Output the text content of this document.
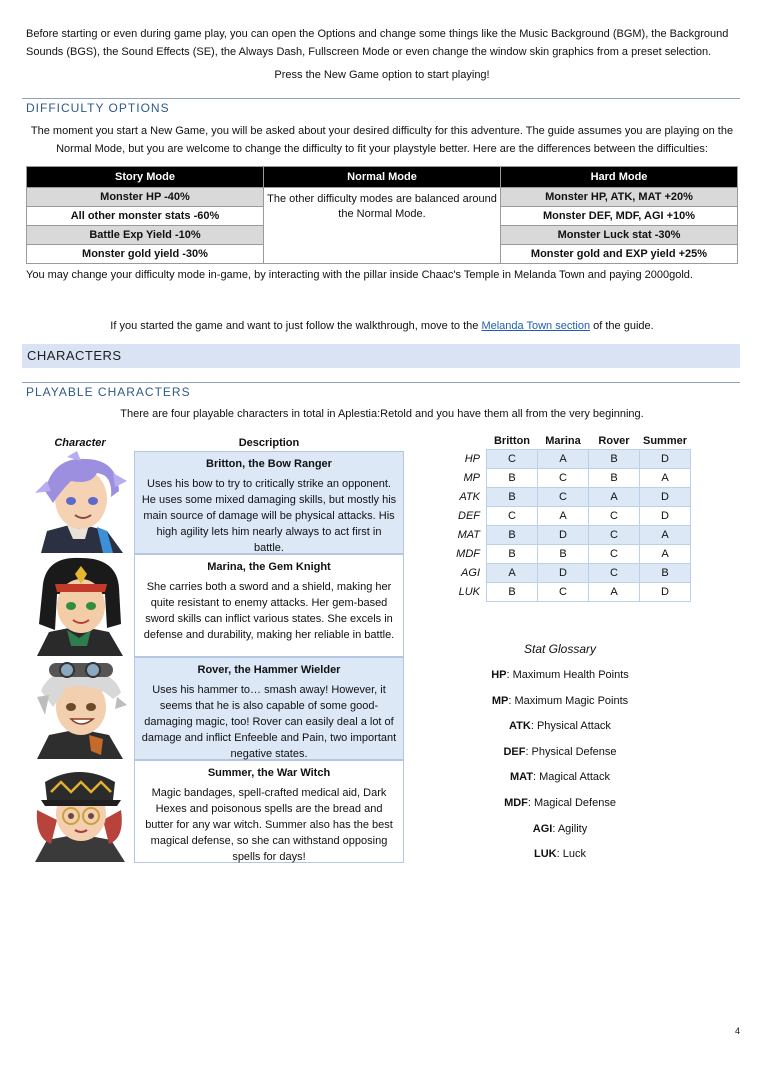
Before starting or even during game play, you can open the Options and change some things like the Music Background (BGM), the Background Sounds (BGS), the Sound Effects (SE), the Always Dash, Fullscreen Mode or even change the window skin graphics from a preset selection.
Press the New Game option to start playing!
DIFFICULTY OPTIONS
The moment you start a New Game, you will be asked about your desired difficulty for this adventure. The guide assumes you are playing on the Normal Mode, but you are welcome to change the difficulty to fit your playstyle better. Here are the differences between the difficulties:
Story Mode	Normal Mode	Hard Mode
Monster HP -40%	The other difficulty modes are balanced around the Normal Mode.	Monster HP, ATK, MAT +20%
All other monster stats -60%		Monster DEF, MDF, AGI +10%
Battle Exp Yield -10%		Monster Luck stat -30%
Monster gold yield -30%		Monster gold and EXP yield +25%
You may change your difficulty mode in-game, by interacting with the pillar inside Chaac's Temple in Melanda Town and paying 2000gold.
If you started the game and want to just follow the walkthrough, move to the Melanda Town section of the guide.
CHARACTERS
PLAYABLE CHARACTERS
There are four playable characters in total in Aplestia:Retold and you have them all from the very beginning.
Character	Description
Britton, the Bow Ranger
Uses his bow to try to critically strike an opponent. He uses some mixed damaging skills, but mostly his main source of damage will be physical attacks. His high agility lets him nearly always to act first in battle.
Marina, the Gem Knight
She carries both a sword and a shield, making her quite resistant to enemy attacks. Her gem-based sword skills can inflict various states. She excels in defense and durability, making her reliable in battle.
Rover, the Hammer Wielder
Uses his hammer to… smash away! However, it seems that he is also capable of some good-damaging magic, too! Rover can easily deal a lot of damage and inflict Enfeeble and Pain, two important negative states.
Summer, the War Witch
Magic bandages, spell-crafted medical aid, Dark Hexes and poisonous spells are the bread and butter for any war witch. Summer also has the best magical defense, so she can withstand opposing spells for days!
	Britton	Marina	Rover	Summer
HP	C	A	B	D
MP	B	C	B	A
ATK	B	C	A	D
DEF	C	A	C	D
MAT	B	D	C	A
MDF	B	B	C	A
AGI	A	D	C	B
LUK	B	C	A	D
Stat Glossary
HP: Maximum Health Points
MP: Maximum Magic Points
ATK: Physical Attack
DEF: Physical Defense
MAT: Magical Attack
MDF: Magical Defense
AGI: Agility
LUK: Luck
4
